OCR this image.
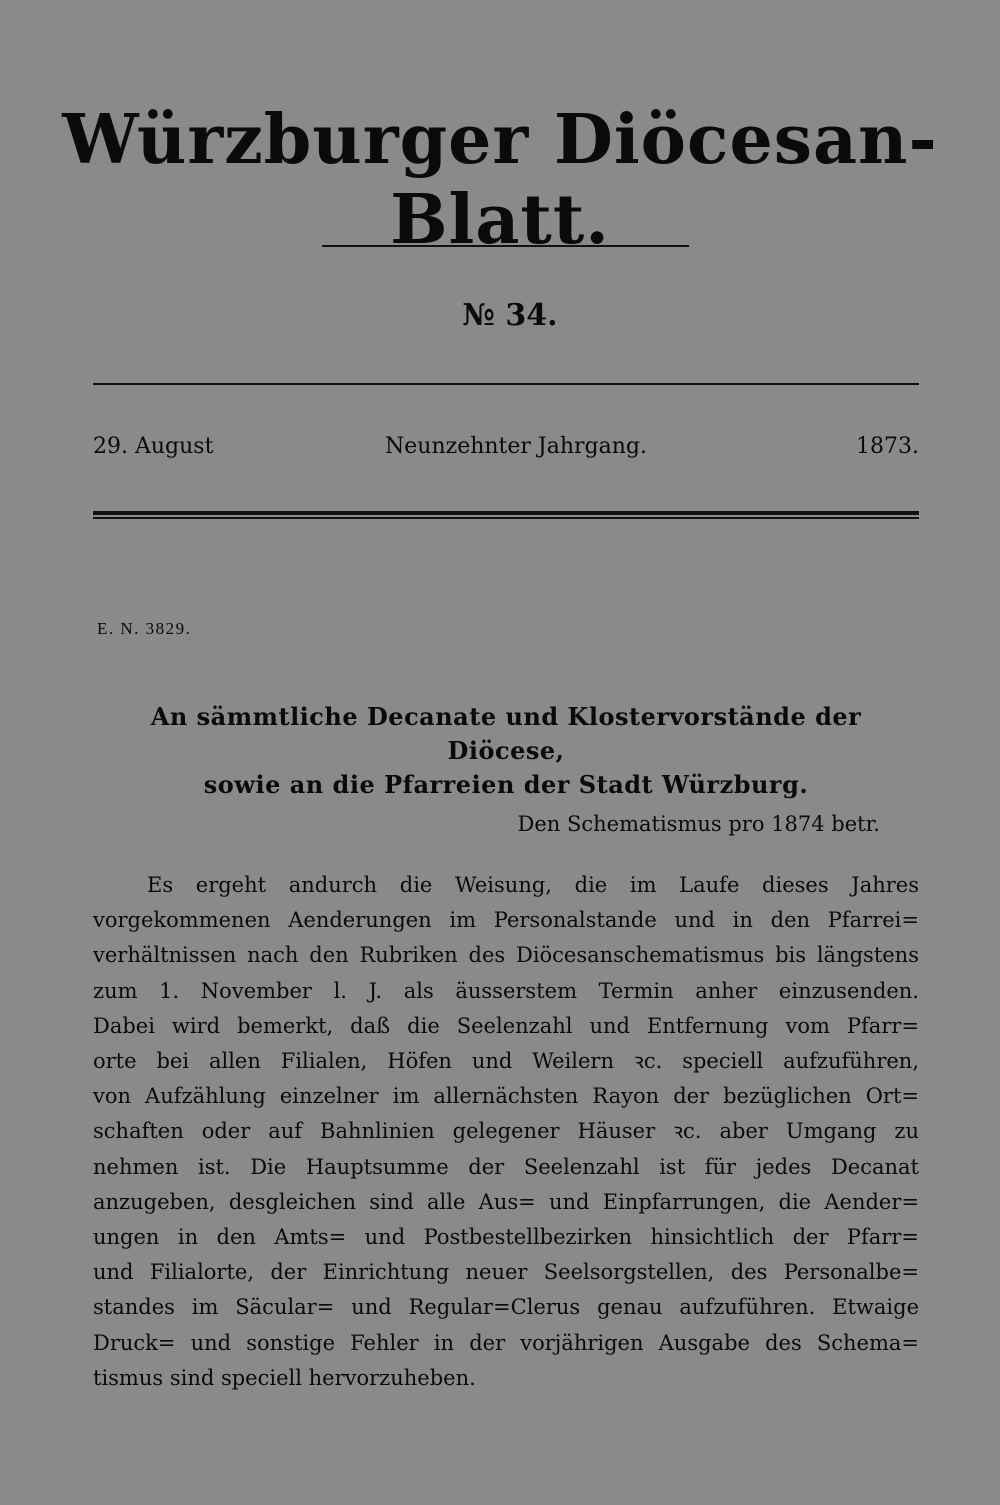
Würzburger Diöcesan-Blatt.
№ 34.
Neunzehnter Jahrgang.
29. August	1873.
E. N. 3829.
An sämmtliche Decanate und Klostervorstände der Diöcese,
sowie an die Pfarreien der Stadt Würzburg.
Den Schematismus pro 1874 betr.
Es ergeht andurch die Weisung, die im Laufe dieses Jahres
vorgekommenen Aenderungen im Personalstande und in den Pfarrei=
verhältnissen nach den Rubriken des Diöcesanschematismus bis längstens
zum 1. November l. J. als äusserstem Termin anher einzusenden.
Dabei wird bemerkt, daß die Seelenzahl und Entfernung vom Pfarr=
orte bei allen Filialen, Höfen und Weilern ꝛc. speciell aufzuführen,
von Aufzählung einzelner im allernächsten Rayon der bezüglichen Ort=
schaften oder auf Bahnlinien gelegener Häuser ꝛc. aber Umgang zu
nehmen ist. Die Hauptsumme der Seelenzahl ist für jedes Decanat
anzugeben, desgleichen sind alle Aus= und Einpfarrungen, die Aender=
ungen in den Amts= und Postbestellbezirken hinsichtlich der Pfarr=
und Filialorte, der Einrichtung neuer Seelsorgstellen, des Personalbe=
standes im Säcular= und Regular=Clerus genau aufzuführen. Etwaige
Druck= und sonstige Fehler in der vorjährigen Ausgabe des Schema=
tismus sind speciell hervorzuheben.
